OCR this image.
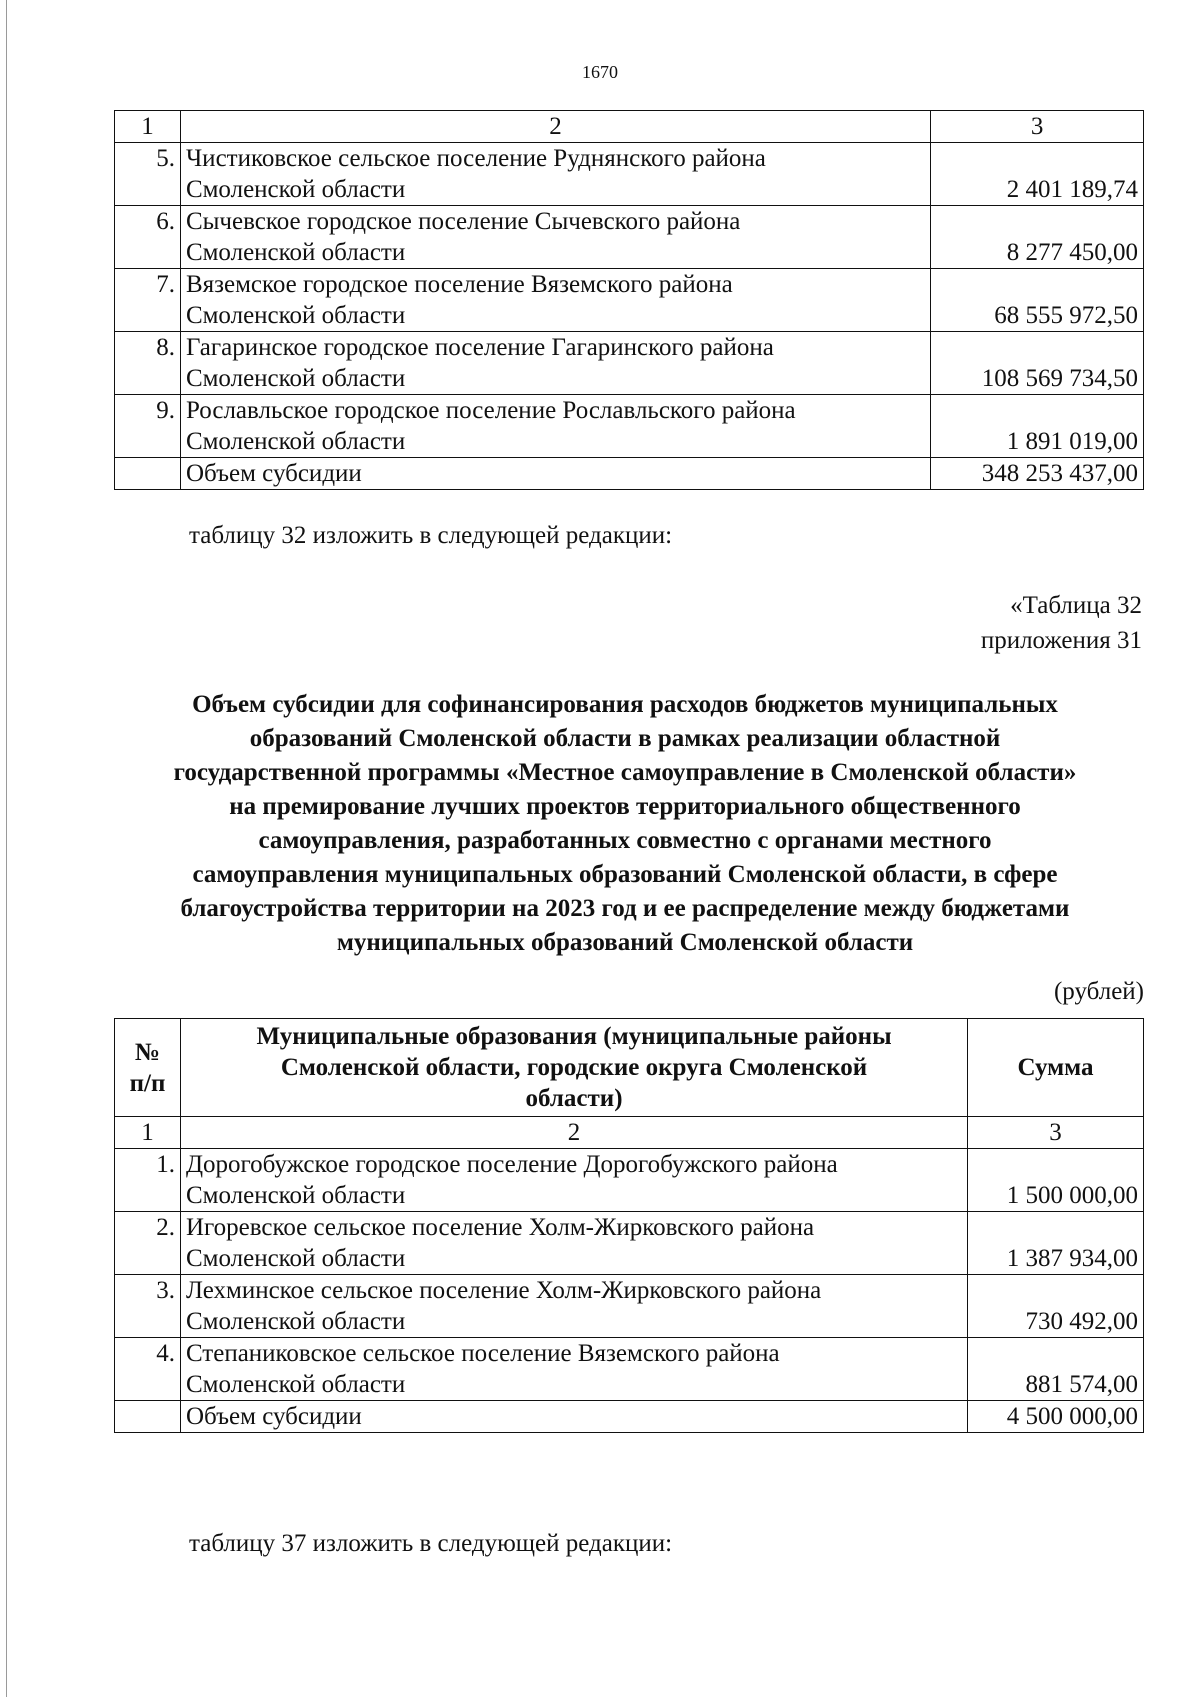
1670
1	2	3
5.	Чистиковское сельское поселение Руднянского района
Смоленской области	2 401 189,74
6.	Сычевское городское поселение Сычевского района
Смоленской области	8 277 450,00
7.	Вяземское городское поселение Вяземского района
Смоленской области	68 555 972,50
8.	Гагаринское городское поселение Гагаринского района
Смоленской области	108 569 734,50
9.	Рославльское городское поселение Рославльского района
Смоленской области	1 891 019,00
	Объем субсидии	348 253 437,00
таблицу 32 изложить в следующей редакции:
«Таблица 32
приложения 31
Объем субсидии для софинансирования расходов бюджетов муниципальных
образований Смоленской области в рамках реализации областной
государственной программы «Местное самоуправление в Смоленской области»
на премирование лучших проектов территориального общественного
самоуправления, разработанных совместно с органами местного
самоуправления муниципальных образований Смоленской области, в сфере
благоустройства территории на 2023 год и ее распределение между бюджетами
муниципальных образований Смоленской области
(рублей)
№
п/п	Муниципальные образования (муниципальные районы
Смоленской области, городские округа Смоленской
области)	Сумма
1	2	3
1.	Дорогобужское городское поселение Дорогобужского района
Смоленской области	1 500 000,00
2.	Игоревское сельское поселение Холм-Жирковского района
Смоленской области	1 387 934,00
3.	Лехминское сельское поселение Холм-Жирковского района
Смоленской области	730 492,00
4.	Степаниковское сельское поселение Вяземского района
Смоленской области	881 574,00
	Объем субсидии	4 500 000,00
таблицу 37 изложить в следующей редакции:
